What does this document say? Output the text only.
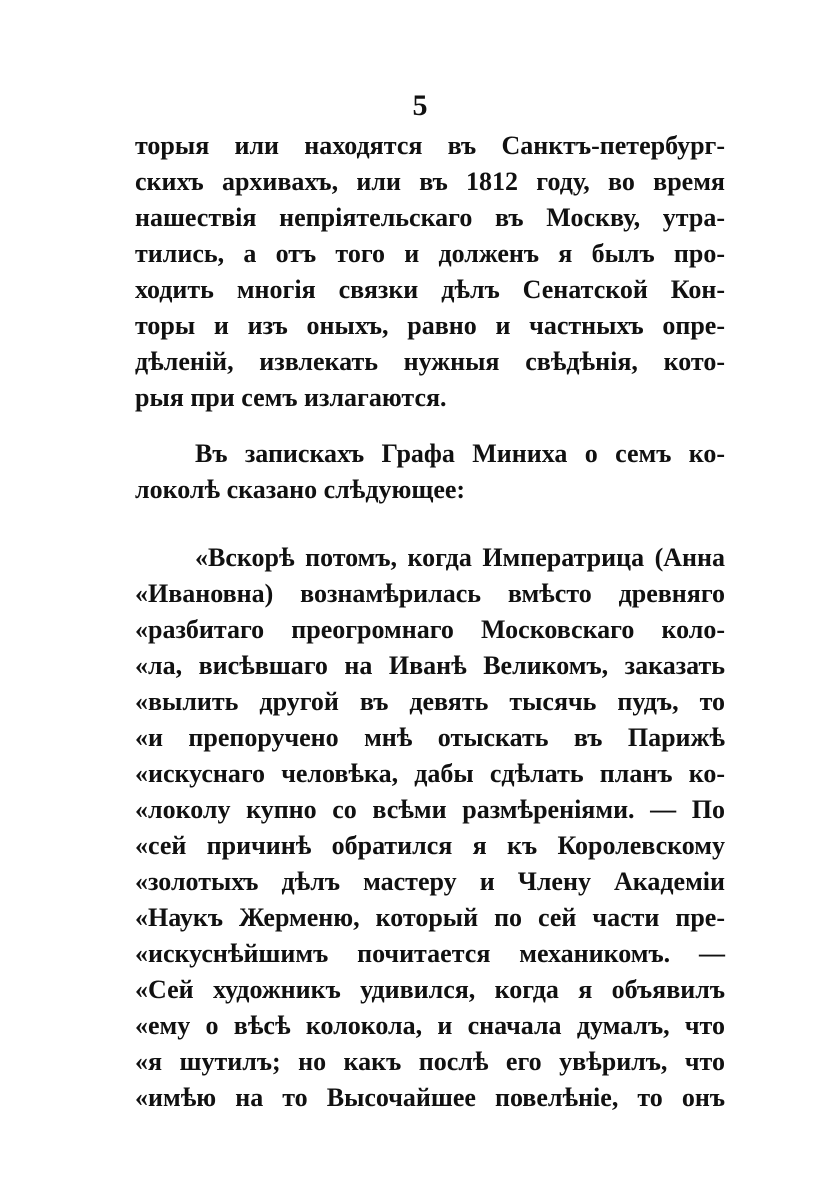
5
торыя или находятся въ Санктъ-петербург-
скихъ архивахъ, или въ 1812 году, во время
нашествія непріятельскаго въ Москву, утра-
тились, а отъ того и долженъ я былъ про-
ходить многія связки дѣлъ Сенатской Кон-
торы и изъ оныхъ, равно и частныхъ опре-
дѣленій, извлекать нужныя свѣдѣнія, кото-
рыя при семъ излагаются.
Въ запискахъ Графа Миниха о семъ ко-
локолѣ сказано слѣдующее:
«Вскорѣ потомъ, когда Императрица (Анна
«Ивановна) вознамѣрилась вмѣсто древняго
«разбитаго преогромнаго Московскаго коло-
«ла, висѣвшаго на Иванѣ Великомъ, заказать
«вылить другой въ девять тысячь пудъ, то
«и препоручено мнѣ отыскать въ Парижѣ
«искуснаго человѣка, дабы сдѣлать планъ ко-
«локолу купно со всѣми размѣреніями. — По
«сей причинѣ обратился я къ Королевскому
«золотыхъ дѣлъ мастеру и Члену Академіи
«Наукъ Жерменю, который по сей части пре-
«искуснѣйшимъ почитается механикомъ. —
«Сей художникъ удивился, когда я объявилъ
«ему о вѣсѣ колокола, и сначала думалъ, что
«я шутилъ; но какъ послѣ его увѣрилъ, что
«имѣю на то Высочайшее повелѣніе, то онъ
